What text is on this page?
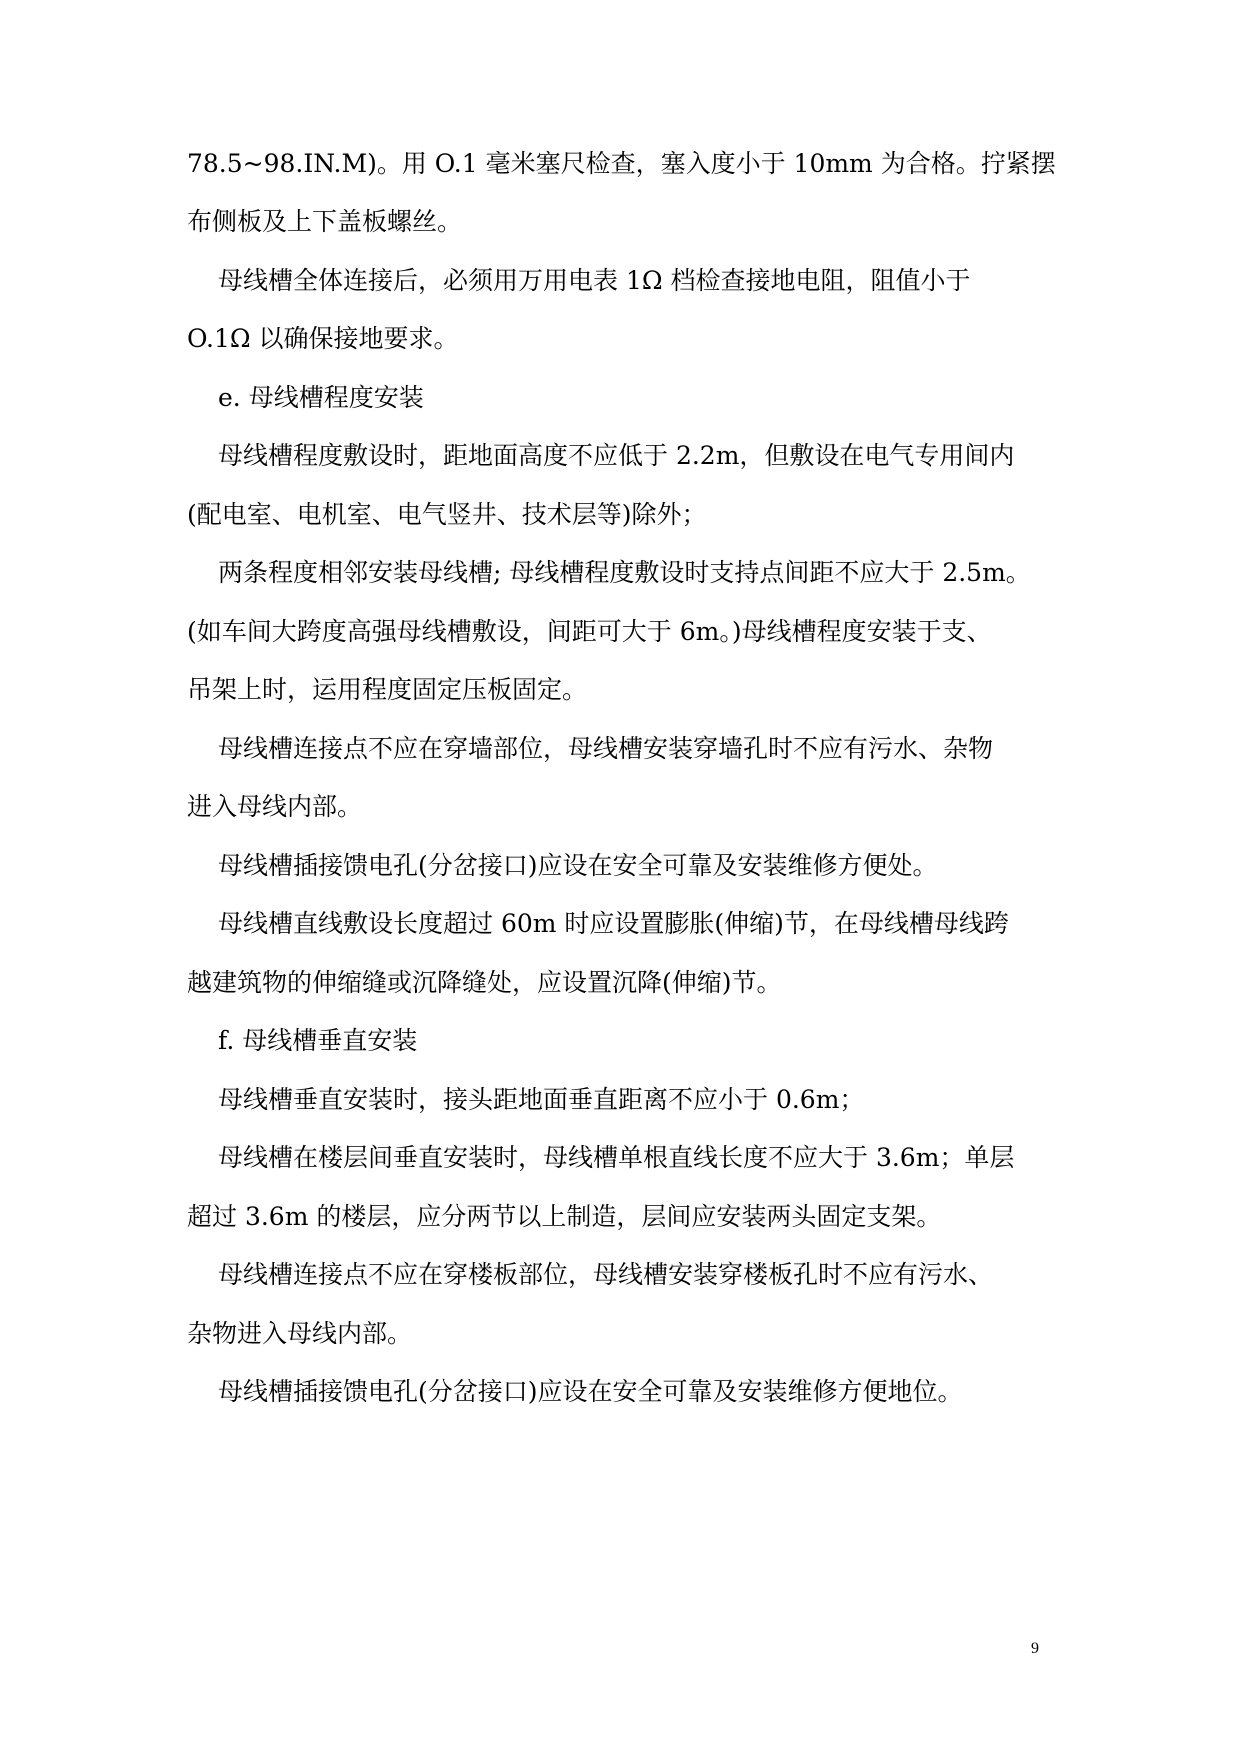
78.5~98.IN.M)。用 O.1 毫米塞尺检查，塞入度小于 10mm 为合格。拧紧摆
布侧板及上下盖板螺丝。
母线槽全体连接后，必须用万用电表 1Ω 档检查接地电阻，阻值小于
O.1Ω 以确保接地要求。
e. 母线槽程度安装
母线槽程度敷设时，距地面高度不应低于 2.2m，但敷设在电气专用间内
(配电室、电机室、电气竖井、技术层等)除外；
两条程度相邻安装母线槽; 母线槽程度敷设时支持点间距不应大于 2.5m。
(如车间大跨度高强母线槽敷设，间距可大于 6m。)母线槽程度安装于支、
吊架上时，运用程度固定压板固定。
母线槽连接点不应在穿墙部位，母线槽安装穿墙孔时不应有污水、杂物
进入母线内部。
母线槽插接馈电孔(分岔接口)应设在安全可靠及安装维修方便处。
母线槽直线敷设长度超过 60m 时应设置膨胀(伸缩)节，在母线槽母线跨
越建筑物的伸缩缝或沉降缝处，应设置沉降(伸缩)节。
f. 母线槽垂直安装
母线槽垂直安装时，接头距地面垂直距离不应小于 0.6m；
母线槽在楼层间垂直安装时，母线槽单根直线长度不应大于 3.6m；单层
超过 3.6m 的楼层，应分两节以上制造，层间应安装两头固定支架。
母线槽连接点不应在穿楼板部位，母线槽安装穿楼板孔时不应有污水、
杂物进入母线内部。
母线槽插接馈电孔(分岔接口)应设在安全可靠及安装维修方便地位。
9
